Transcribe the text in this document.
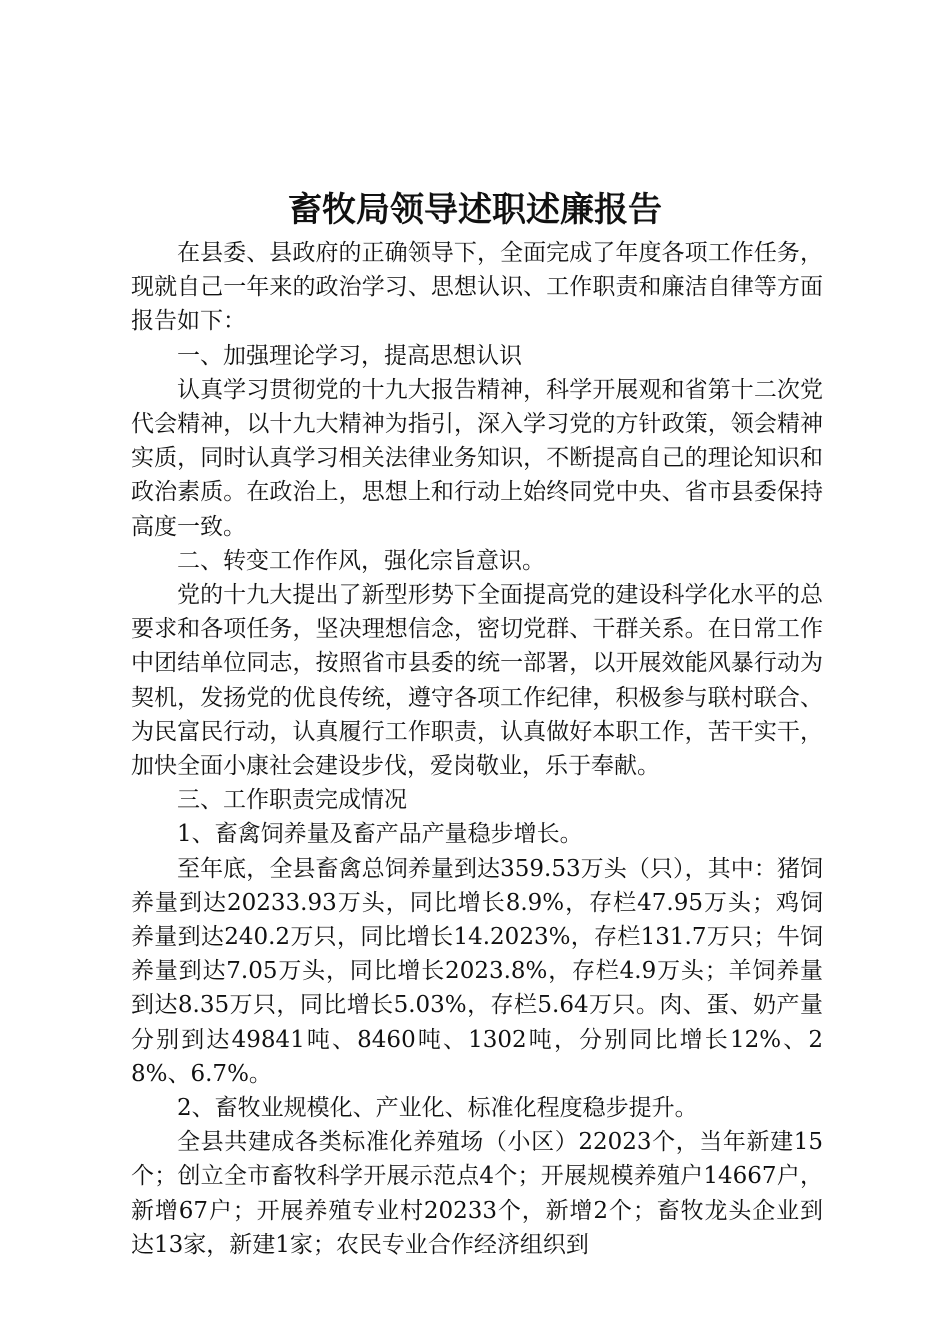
畜牧局领导述职述廉报告

在县委、县政府的正确领导下，全面完成了年度各项工作任务，现就自己一年来的政治学习、思想认识、工作职责和廉洁自律等方面报告如下：

一、加强理论学习，提高思想认识

认真学习贯彻党的十九大报告精神，科学开展观和省第十二次党代会精神，以十九大精神为指引，深入学习党的方针政策，领会精神实质，同时认真学习相关法律业务知识，不断提高自己的理论知识和政治素质。在政治上，思想上和行动上始终同党中央、省市县委保持高度一致。

二、转变工作作风，强化宗旨意识。

党的十九大提出了新型形势下全面提高党的建设科学化水平的总要求和各项任务，坚决理想信念，密切党群、干群关系。在日常工作中团结单位同志，按照省市县委的统一部署，以开展效能风暴行动为契机，发扬党的优良传统，遵守各项工作纪律，积极参与联村联合、为民富民行动，认真履行工作职责，认真做好本职工作，苦干实干，加快全面小康社会建设步伐，爱岗敬业，乐于奉献。

三、工作职责完成情况

1、畜禽饲养量及畜产品产量稳步增长。

至年底，全县畜禽总饲养量到达359.53万头（只），其中：猪饲养量到达20233.93万头，同比增长8.9%，存栏47.95万头；鸡饲养量到达240.2万只，同比增长14.2023%，存栏131.7万只；牛饲养量到达7.05万头，同比增长2023.8%，存栏4.9万头；羊饲养量到达8.35万只，同比增长5.03%，存栏5.64万只。肉、蛋、奶产量分别到达49841吨、8460吨、1302吨，分别同比增长12%、28%、6.7%。

2、畜牧业规模化、产业化、标准化程度稳步提升。

全县共建成各类标准化养殖场（小区）22023个，当年新建15个；创立全市畜牧科学开展示范点4个；开展规模养殖户14667户，新增67户；开展养殖专业村20233个，新增2个；畜牧龙头企业到达13家，新建1家；农民专业合作经济组织到
